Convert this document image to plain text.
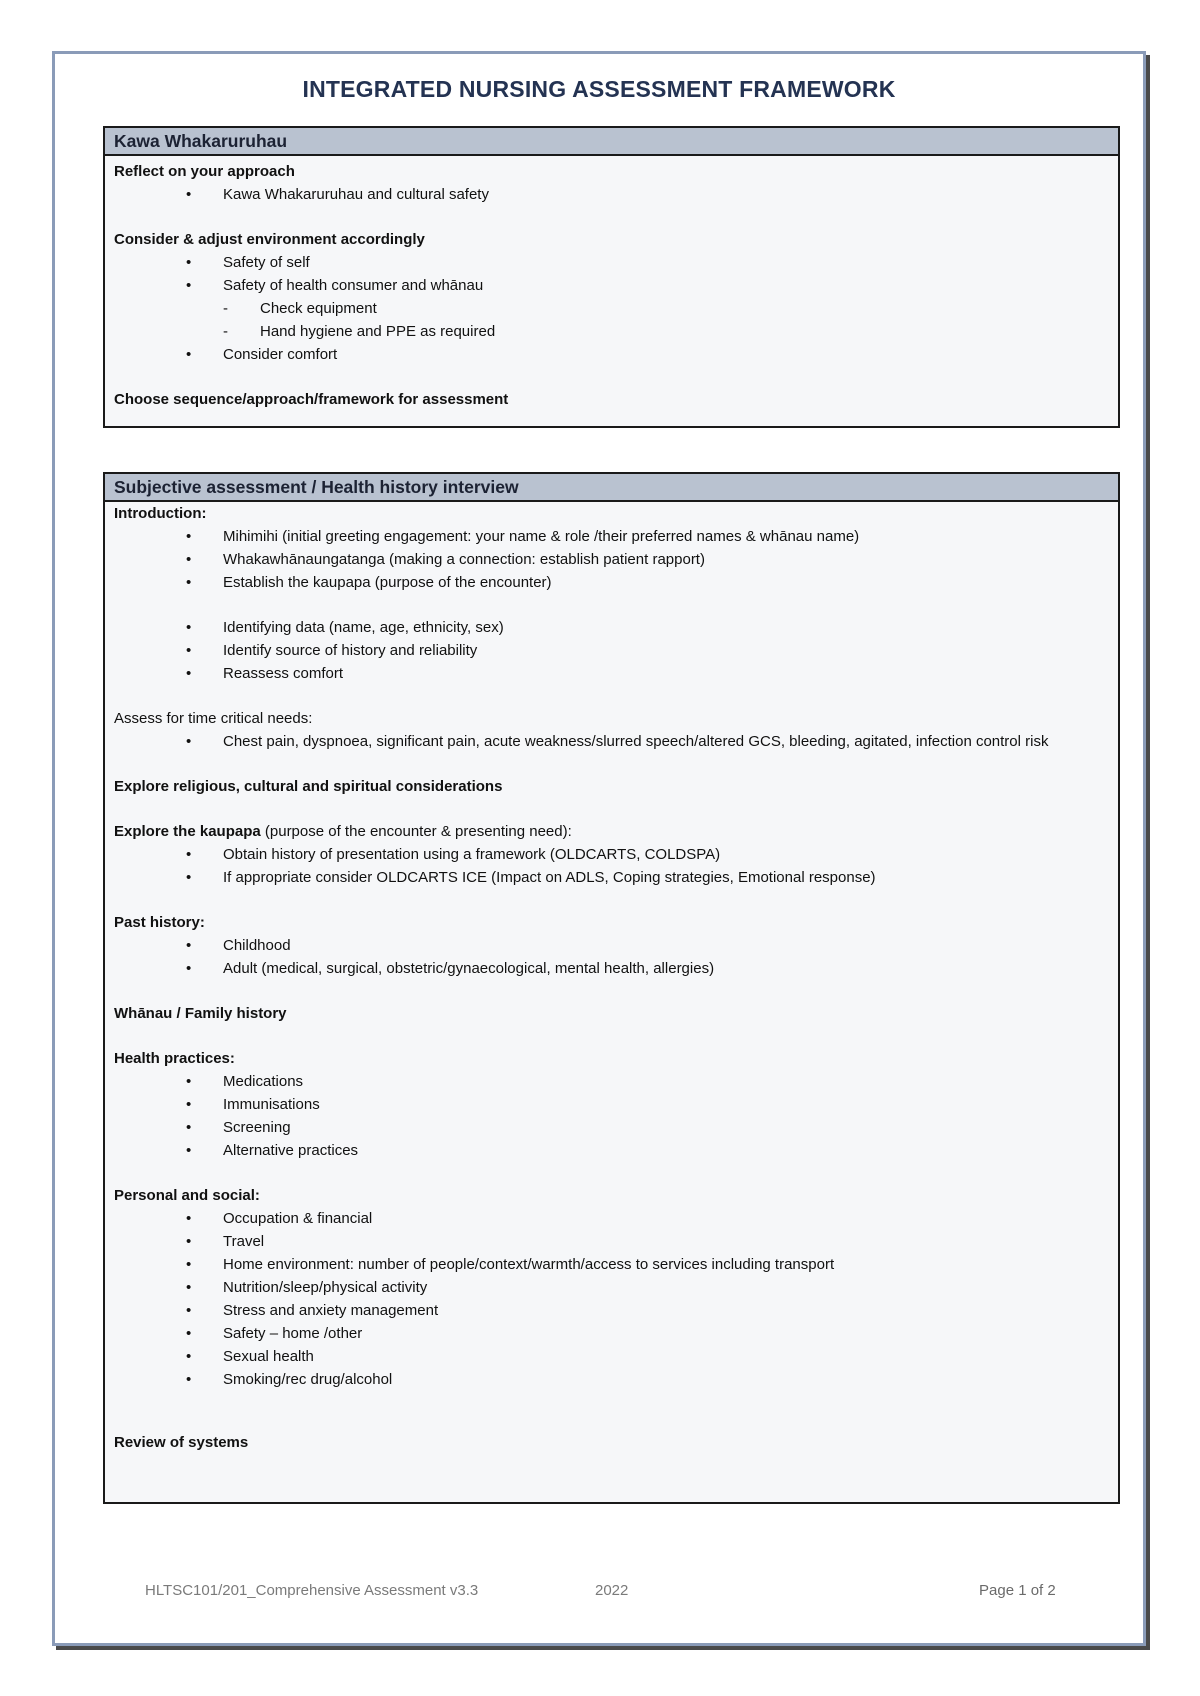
INTEGRATED NURSING ASSESSMENT FRAMEWORK
Kawa Whakaruruhau
Reflect on your approach
• Kawa Whakaruruhau and cultural safety
Consider & adjust environment accordingly
• Safety of self
• Safety of health consumer and whānau
- Check equipment
- Hand hygiene and PPE as required
• Consider comfort
Choose sequence/approach/framework for assessment
Subjective assessment / Health history interview
Introduction:
• Mihimihi (initial greeting engagement: your name & role /their preferred names & whānau name)
• Whakawhānaungatanga (making a connection: establish patient rapport)
• Establish the kaupapa (purpose of the encounter)
• Identifying data (name, age, ethnicity, sex)
• Identify source of history and reliability
• Reassess comfort
Assess for time critical needs:
• Chest pain, dyspnoea, significant pain, acute weakness/slurred speech/altered GCS, bleeding, agitated, infection control risk
Explore religious, cultural and spiritual considerations
Explore the kaupapa (purpose of the encounter & presenting need):
• Obtain history of presentation using a framework (OLDCARTS, COLDSPA)
• If appropriate consider OLDCARTS ICE (Impact on ADLS, Coping strategies, Emotional response)
Past history:
• Childhood
• Adult (medical, surgical, obstetric/gynaecological, mental health, allergies)
Whānau / Family history
Health practices:
• Medications
• Immunisations
• Screening
• Alternative practices
Personal and social:
• Occupation & financial
• Travel
• Home environment: number of people/context/warmth/access to services including transport
• Nutrition/sleep/physical activity
• Stress and anxiety management
• Safety – home /other
• Sexual health
• Smoking/rec drug/alcohol
Review of systems
HLTSC101/201_Comprehensive Assessment v3.3	2022	Page 1 of 2
